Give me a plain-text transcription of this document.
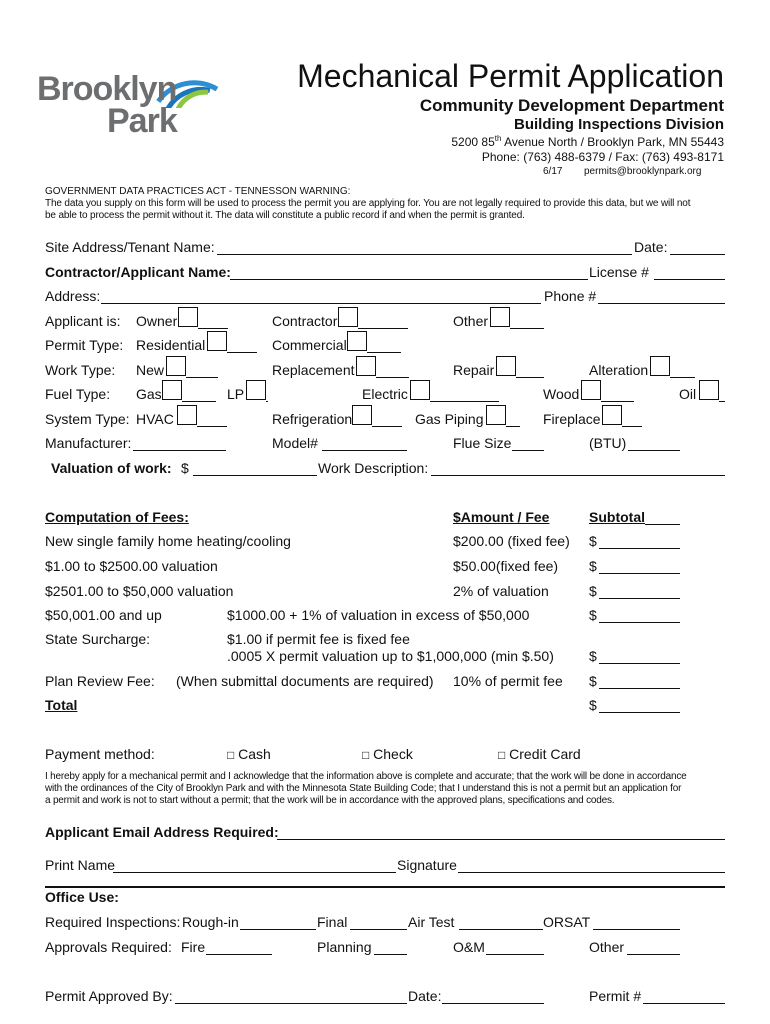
Brooklyn
Park
Mechanical Permit Application
Community Development Department
Building Inspections Division
5200 85th Avenue North / Brooklyn Park, MN 55443
Phone: (763) 488-6379 / Fax: (763) 493-8171
6/17 permits@brooklynpark.org
GOVERNMENT DATA PRACTICES ACT - TENNESSON WARNING:
The data you supply on this form will be used to process the permit you are applying for. You are not legally required to provide this data, but we will not
be able to process the permit without it. The data will constitute a public record if and when the permit is granted.
Site Address/Tenant Name:	Date:
Contractor/Applicant Name:	License #
Address:	Phone #
Applicant is: Owner	Contractor	Other
Permit Type: Residential	Commercial
Work Type: New	Replacement	Repair	Alteration
Fuel Type: Gas	LP	Electric	Wood	Oil
System Type: HVAC	Refrigeration	Gas Piping	Fireplace
Manufacturer:	Model#	Flue Size	(BTU)
Valuation of work: $	Work Description:
Computation of Fees:	$Amount / Fee	Subtotal
New single family home heating/cooling	$200.00 (fixed fee) $
$1.00 to $2500.00 valuation	$50.00(fixed fee) $
$2501.00 to $50,000 valuation	2% of valuation	$
$50,001.00 and up	$1000.00 + 1% of valuation in excess of $50,000	$
State Surcharge:	$1.00 if permit fee is fixed fee
.0005 X permit valuation up to $1,000,000 (min $.50)	$
Plan Review Fee: (When submittal documents are required) 10% of permit fee $
Total	$
Payment method:	□ Cash	□ Check	□ Credit Card
I hereby apply for a mechanical permit and I acknowledge that the information above is complete and accurate; that the work will be done in accordance
with the ordinances of the City of Brooklyn Park and with the Minnesota State Building Code; that I understand this is not a permit but an application for
a permit and work is not to start without a permit; that the work will be in accordance with the approved plans, specifications and codes.
Applicant Email Address Required:
Print Name	Signature
Office Use:
Required Inspections: Rough-in	Final	Air Test	ORSAT
Approvals Required: Fire	Planning	O&M	Other
Permit Approved By:	Date:	Permit #
